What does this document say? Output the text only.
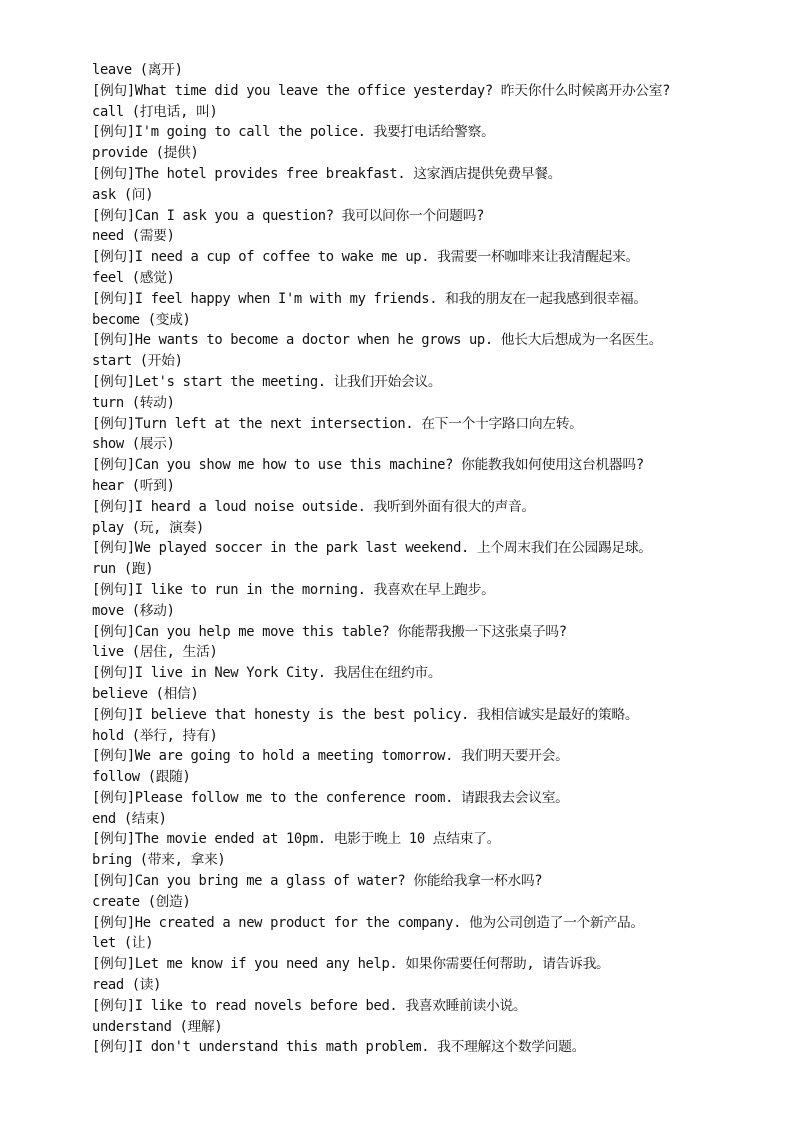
leave (离开)
[例句]What time did you leave the office yesterday? 昨天你什么时候离开办公室?
call (打电话, 叫)
[例句]I'm going to call the police. 我要打电话给警察。
provide (提供)
[例句]The hotel provides free breakfast. 这家酒店提供免费早餐。
ask (问)
[例句]Can I ask you a question? 我可以问你一个问题吗?
need (需要)
[例句]I need a cup of coffee to wake me up. 我需要一杯咖啡来让我清醒起来。
feel (感觉)
[例句]I feel happy when I'm with my friends. 和我的朋友在一起我感到很幸福。
become (变成)
[例句]He wants to become a doctor when he grows up. 他长大后想成为一名医生。
start (开始)
[例句]Let's start the meeting. 让我们开始会议。
turn (转动)
[例句]Turn left at the next intersection. 在下一个十字路口向左转。
show (展示)
[例句]Can you show me how to use this machine? 你能教我如何使用这台机器吗?
hear (听到)
[例句]I heard a loud noise outside. 我听到外面有很大的声音。
play (玩, 演奏)
[例句]We played soccer in the park last weekend. 上个周末我们在公园踢足球。
run (跑)
[例句]I like to run in the morning. 我喜欢在早上跑步。
move (移动)
[例句]Can you help me move this table? 你能帮我搬一下这张桌子吗?
live (居住, 生活)
[例句]I live in New York City. 我居住在纽约市。
believe (相信)
[例句]I believe that honesty is the best policy. 我相信诚实是最好的策略。
hold (举行, 持有)
[例句]We are going to hold a meeting tomorrow. 我们明天要开会。
follow (跟随)
[例句]Please follow me to the conference room. 请跟我去会议室。
end (结束)
[例句]The movie ended at 10pm. 电影于晚上 10 点结束了。
bring (带来, 拿来)
[例句]Can you bring me a glass of water? 你能给我拿一杯水吗?
create (创造)
[例句]He created a new product for the company. 他为公司创造了一个新产品。
let (让)
[例句]Let me know if you need any help. 如果你需要任何帮助, 请告诉我。
read (读)
[例句]I like to read novels before bed. 我喜欢睡前读小说。
understand (理解)
[例句]I don't understand this math problem. 我不理解这个数学问题。
